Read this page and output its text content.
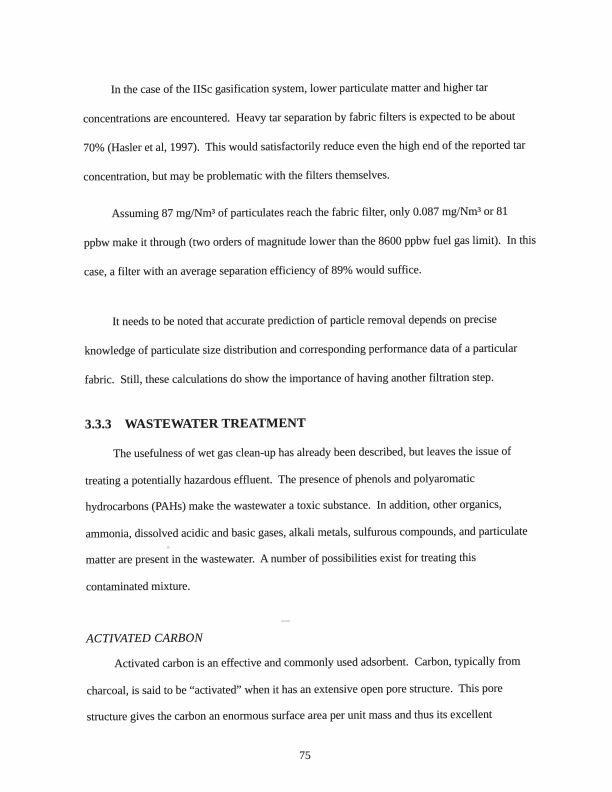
In the case of the IISc gasification system, lower particulate matter and higher tar
concentrations are encountered.  Heavy tar separation by fabric filters is expected to be about
70% (Hasler et al, 1997).  This would satisfactorily reduce even the high end of the reported tar
concentration, but may be problematic with the filters themselves.
Assuming 87 mg/Nm³ of particulates reach the fabric filter, only 0.087 mg/Nm³ or 81
ppbw make it through (two orders of magnitude lower than the 8600 ppbw fuel gas limit).  In this
case, a filter with an average separation efficiency of 89% would suffice.
It needs to be noted that accurate prediction of particle removal depends on precise
knowledge of particulate size distribution and corresponding performance data of a particular
fabric.  Still, these calculations do show the importance of having another filtration step.
3.3.3 WASTEWATER TREATMENT
The usefulness of wet gas clean-up has already been described, but leaves the issue of
treating a potentially hazardous effluent.  The presence of phenols and polyaromatic
hydrocarbons (PAHs) make the wastewater a toxic substance.  In addition, other organics,
ammonia, dissolved acidic and basic gases, alkali metals, sulfurous compounds, and particulate
matter are present in the wastewater.  A number of possibilities exist for treating this
contaminated mixture.
ACTIVATED CARBON
Activated carbon is an effective and commonly used adsorbent.  Carbon, typically from
charcoal, is said to be “activated” when it has an extensive open pore structure.  This pore
structure gives the carbon an enormous surface area per unit mass and thus its excellent
75
